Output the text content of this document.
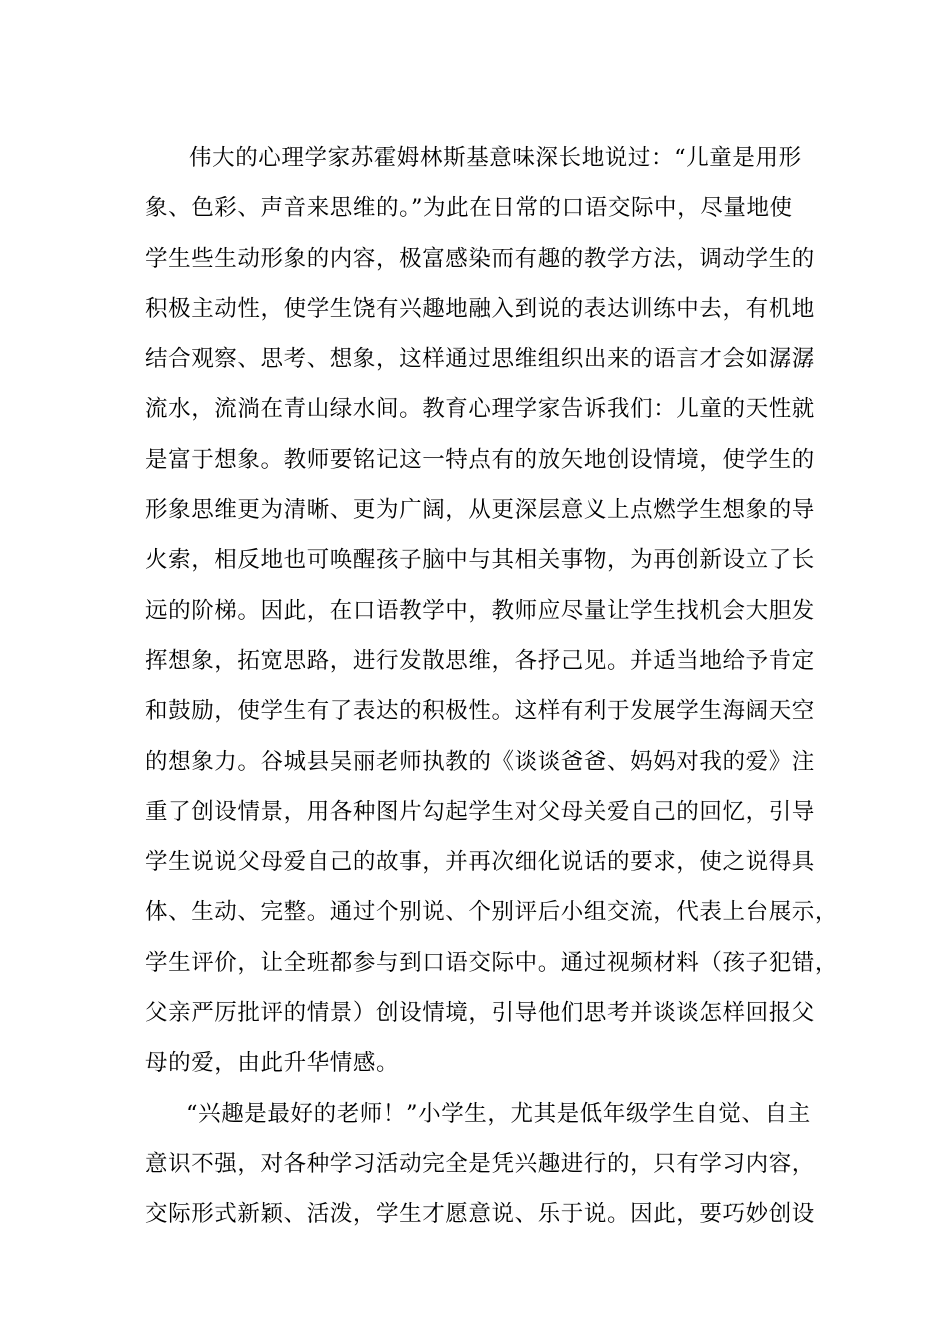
伟大的心理学家苏霍姆林斯基意味深长地说过：“儿童是用形
象、色彩、声音来思维的。”为此在日常的口语交际中，尽量地使
学生些生动形象的内容，极富感染而有趣的教学方法，调动学生的
积极主动性，使学生饶有兴趣地融入到说的表达训练中去，有机地
结合观察、思考、想象，这样通过思维组织出来的语言才会如潺潺
流水，流淌在青山绿水间。教育心理学家告诉我们：儿童的天性就
是富于想象。教师要铭记这一特点有的放矢地创设情境，使学生的
形象思维更为清晰、更为广阔，从更深层意义上点燃学生想象的导
火索，相反地也可唤醒孩子脑中与其相关事物，为再创新设立了长
远的阶梯。因此，在口语教学中，教师应尽量让学生找机会大胆发
挥想象，拓宽思路，进行发散思维，各抒己见。并适当地给予肯定
和鼓励，使学生有了表达的积极性。这样有利于发展学生海阔天空
的想象力。谷城县吴丽老师执教的《谈谈爸爸、妈妈对我的爱》注
重了创设情景，用各种图片勾起学生对父母关爱自己的回忆，引导
学生说说父母爱自己的故事，并再次细化说话的要求，使之说得具
体、生动、完整。通过个别说、个别评后小组交流，代表上台展示，
学生评价，让全班都参与到口语交际中。通过视频材料（孩子犯错，
父亲严厉批评的情景）创设情境，引导他们思考并谈谈怎样回报父
母的爱，由此升华情感。
“兴趣是最好的老师！”小学生，尤其是低年级学生自觉、自主
意识不强，对各种学习活动完全是凭兴趣进行的，只有学习内容，
交际形式新颖、活泼，学生才愿意说、乐于说。因此，要巧妙创设
